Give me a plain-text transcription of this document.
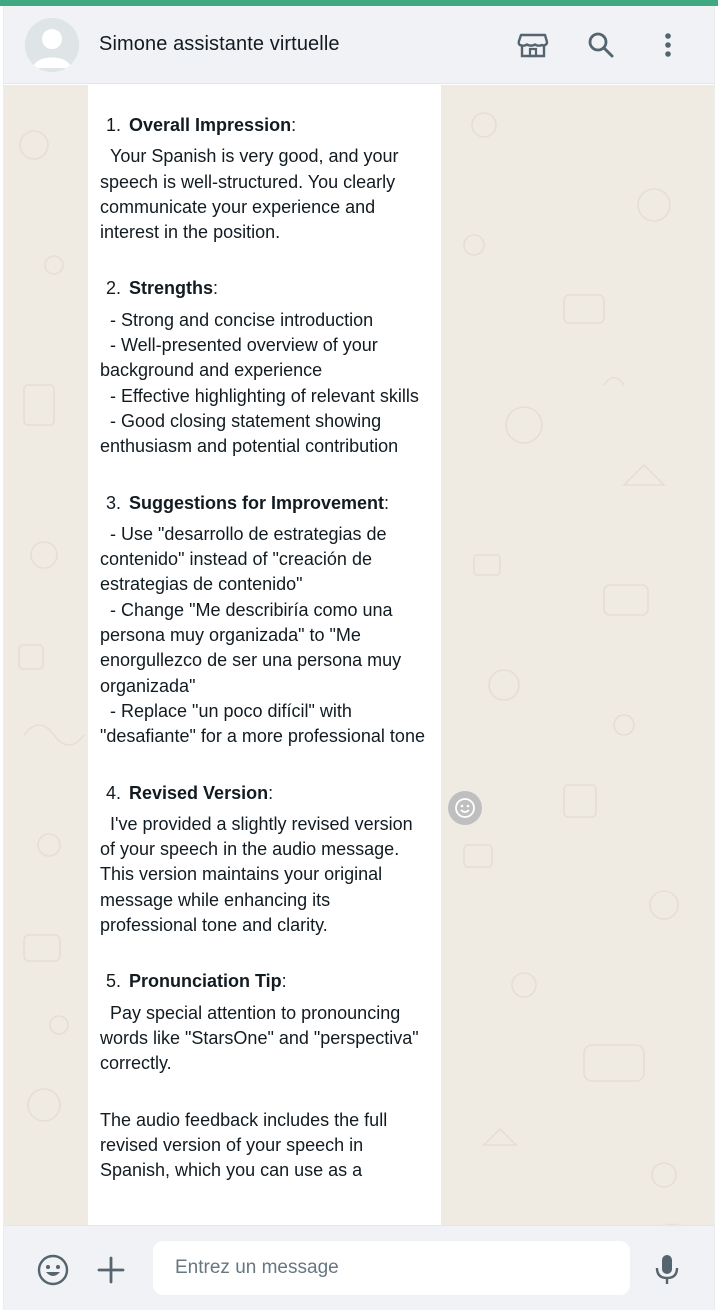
Simone assistante virtuelle
1. Overall Impression:
Your Spanish is very good, and your speech is well-structured. You clearly communicate your experience and interest in the position.
2. Strengths:
- Strong and concise introduction
- Well-presented overview of your background and experience
- Effective highlighting of relevant skills
- Good closing statement showing enthusiasm and potential contribution
3. Suggestions for Improvement:
- Use "desarrollo de estrategias de contenido" instead of "creación de estrategias de contenido"
- Change "Me describiría como una persona muy organizada" to "Me enorgullezco de ser una persona muy organizada"
- Replace "un poco difícil" with "desafiante" for a more professional tone
4. Revised Version:
I've provided a slightly revised version of your speech in the audio message. This version maintains your original message while enhancing its professional tone and clarity.
5. Pronunciation Tip:
Pay special attention to pronouncing words like "StarsOne" and "perspectiva" correctly.
The audio feedback includes the full revised version of your speech in Spanish, which you can use as a
Entrez un message
